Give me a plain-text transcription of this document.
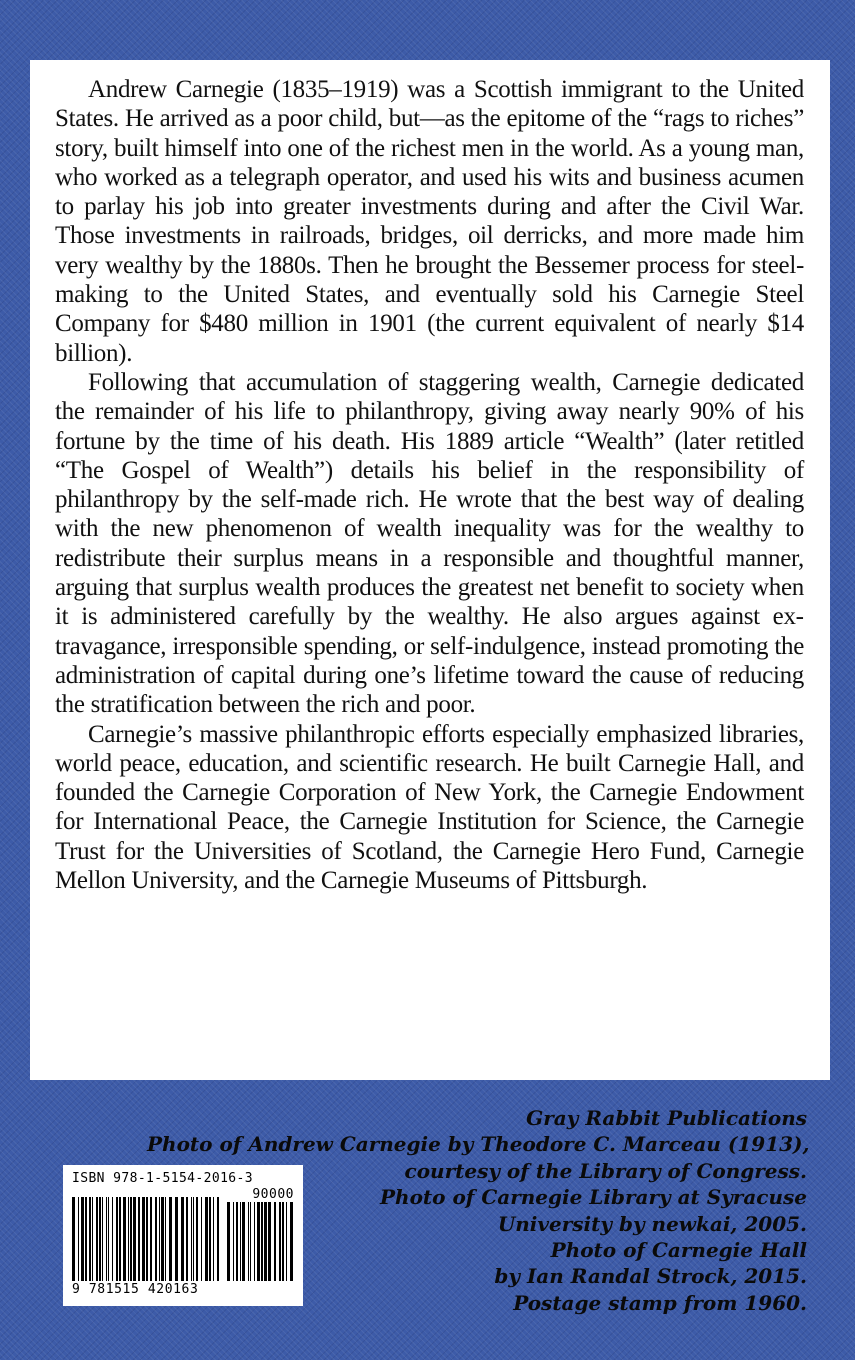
Andrew Carnegie (1835–1919) was a Scottish immigrant to the United States. He arrived as a poor child, but—as the epitome of the “rags to riches” story, built himself into one of the richest men in the world. As a young man, who worked as a telegraph operator, and used his wits and business acumen to parlay his job into greater investments during and after the Civil War. Those investments in railroads, bridges, oil derricks, and more made him very wealthy by the 1880s. Then he brought the Bessemer process for steel-making to the United States, and eventually sold his Carnegie Steel Company for $480 million in 1901 (the current equivalent of nearly $14 billion).

Following that accumulation of staggering wealth, Carnegie dedicated the remainder of his life to philanthropy, giving away nearly 90% of his fortune by the time of his death. His 1889 article “Wealth” (later retitled “The Gospel of Wealth”) details his belief in the responsibility of philanthropy by the self-made rich. He wrote that the best way of dealing with the new phenomenon of wealth inequality was for the wealthy to redistribute their surplus means in a responsible and thoughtful manner, arguing that surplus wealth produces the greatest net benefit to society when it is administered carefully by the wealthy. He also argues against extravagance, irresponsible spending, or self-indulgence, instead promoting the administration of capital during one’s lifetime toward the cause of reducing the stratification between the rich and poor.

Carnegie’s massive philanthropic efforts especially emphasized libraries, world peace, education, and scientific research. He built Carnegie Hall, and founded the Carnegie Corporation of New York, the Carnegie Endowment for International Peace, the Carnegie Institution for Science, the Carnegie Trust for the Universities of Scotland, the Carnegie Hero Fund, Carnegie Mellon University, and the Carnegie Museums of Pittsburgh.

Gray Rabbit Publications
Photo of Andrew Carnegie by Theodore C. Marceau (1913),
courtesy of the Library of Congress.
Photo of Carnegie Library at Syracuse
University by newkai, 2005.
Photo of Carnegie Hall
by Ian Randal Strock, 2015.
Postage stamp from 1960.
ISBN 978-1-5154-2016-3
90000
9 781515 420163
